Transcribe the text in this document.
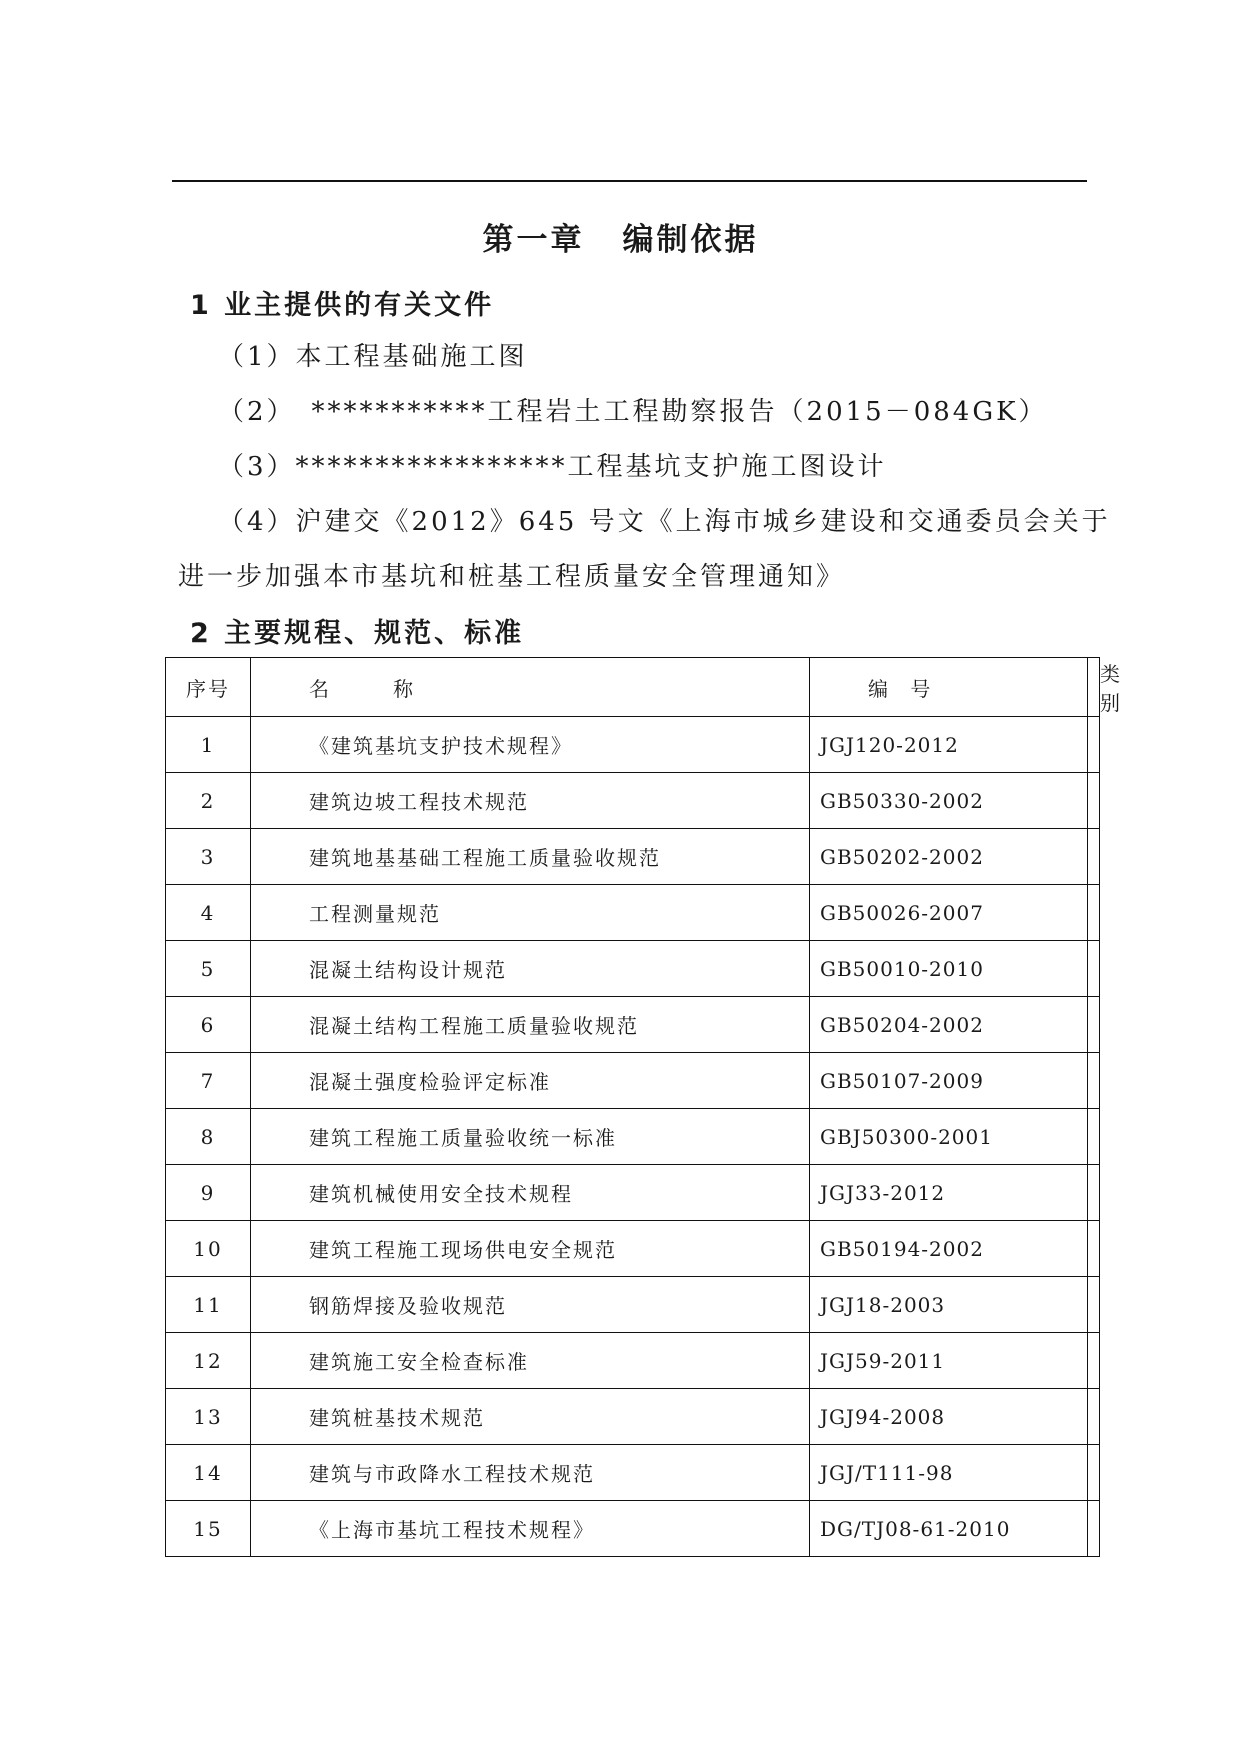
第一章 编制依据
1 业主提供的有关文件
（1）本工程基础施工图
（2）　***********工程岩土工程勘察报告（2015－084GK）
（3）*****************工程基坑支护施工图设计
（4）沪建交《2012》645 号文《上海市城乡建设和交通委员会关于
进一步加强本市基坑和桩基工程质量安全管理通知》
2 主要规程、规范、标准
序号	名 称	编 号	类 别
1	《建筑基坑支护技术规程》	JGJ120-2012	
2	建筑边坡工程技术规范	GB50330-2002	
3	建筑地基基础工程施工质量验收规范	GB50202-2002	
4	工程测量规范	GB50026-2007	
5	混凝土结构设计规范	GB50010-2010	
6	混凝土结构工程施工质量验收规范	GB50204-2002	
7	混凝土强度检验评定标准	GB50107-2009	
8	建筑工程施工质量验收统一标准	GBJ50300-2001	
9	建筑机械使用安全技术规程	JGJ33-2012	
10	建筑工程施工现场供电安全规范	GB50194-2002	
11	钢筋焊接及验收规范	JGJ18-2003	
12	建筑施工安全检查标准	JGJ59-2011	
13	建筑桩基技术规范	JGJ94-2008	
14	建筑与市政降水工程技术规范	JGJ/T111-98	
15	《上海市基坑工程技术规程》	DG/TJ08-61-2010	
